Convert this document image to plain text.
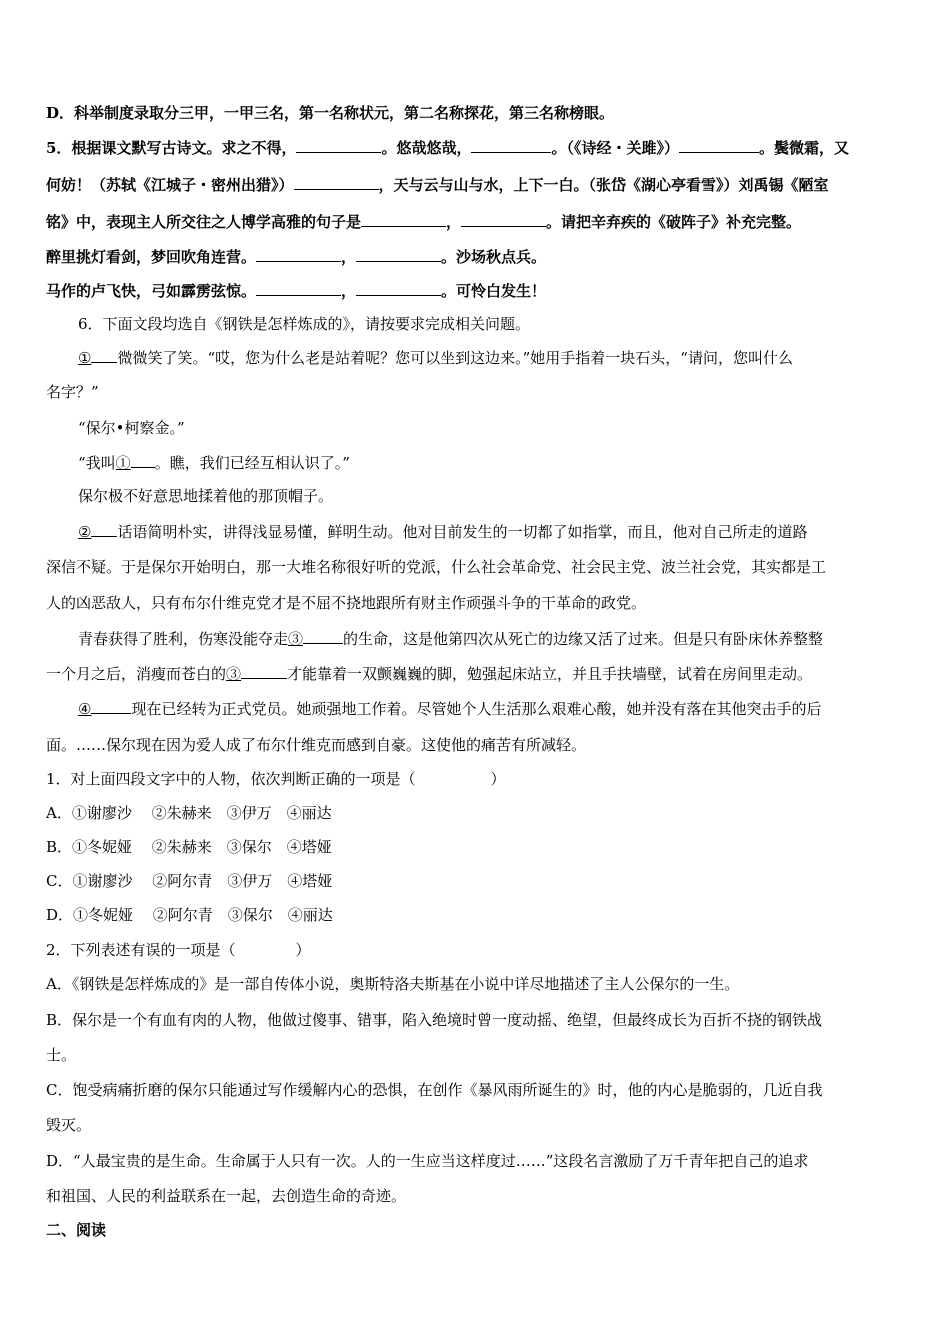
D．科举制度录取分三甲，一甲三名，第一名称状元，第二名称探花，第三名称榜眼。
5．根据课文默写古诗文。求之不得，	。悠哉悠哉，	。（《诗经・关雎》）	。鬓微霜，又
何妨！（苏轼《江城子・密州出猎》）	，天与云与山与水，上下一白。（张岱《湖心亭看雪》）刘禹锡《陋室
铭》中，表现主人所交往之人博学高雅的句子是	，	。请把辛弃疾的《破阵子》补充完整。
醉里挑灯看剑，梦回吹角连营。	，	。沙场秋点兵。
马作的卢飞快，弓如霹雳弦惊。	，	。可怜白发生！
6．下面文段均选自《钢铁是怎样炼成的》，请按要求完成相关问题。
① 微微笑了笑。“哎，您为什么老是站着呢？您可以坐到这边来。”她用手指着一块石头，“请问，您叫什么
名字？”
“保尔•柯察金。”
“我叫① 。瞧，我们已经互相认识了。”
保尔极不好意思地揉着他的那顶帽子。
② 话语简明朴实，讲得浅显易懂，鲜明生动。他对目前发生的一切都了如指掌，而且，他对自己所走的道路
深信不疑。于是保尔开始明白，那一大堆名称很好听的党派，什么社会革命党、社会民主党、波兰社会党，其实都是工
人的凶恶敌人，只有布尔什维克党才是不屈不挠地跟所有财主作顽强斗争的干革命的政党。
青春获得了胜利，伤寒没能夺走③	的生命，这是他第四次从死亡的边缘又活了过来。但是只有卧床休养整整
一个月之后，消瘦而苍白的③	才能靠着一双颤巍巍的脚，勉强起床站立，并且手扶墙壁，试着在房间里走动。
④	现在已经转为正式党员。她顽强地工作着。尽管她个人生活那么艰难心酸，她并没有落在其他突击手的后
面。……保尔现在因为爱人成了布尔什维克而感到自豪。这使他的痛苦有所减轻。
1．对上面四段文字中的人物，依次判断正确的一项是（　　　　　）
A．①谢廖沙　 ②朱赫来　③伊万　④丽达
B．①冬妮娅　 ②朱赫来　③保尔　④塔娅
C．①谢廖沙　 ②阿尔青　③伊万　④塔娅
D．①冬妮娅　 ②阿尔青　③保尔　④丽达
2．下列表述有误的一项是（　　　　）
A．《钢铁是怎样炼成的》是一部自传体小说，奥斯特洛夫斯基在小说中详尽地描述了主人公保尔的一生。
B．保尔是一个有血有肉的人物，他做过傻事、错事，陷入绝境时曾一度动摇、绝望，但最终成长为百折不挠的钢铁战
士。
C．饱受病痛折磨的保尔只能通过写作缓解内心的恐惧，在创作《暴风雨所诞生的》时，他的内心是脆弱的，几近自我
毁灭。
D．“人最宝贵的是生命。生命属于人只有一次。人的一生应当这样度过……”这段名言激励了万千青年把自己的追求
和祖国、人民的利益联系在一起，去创造生命的奇迹。
二、阅读
